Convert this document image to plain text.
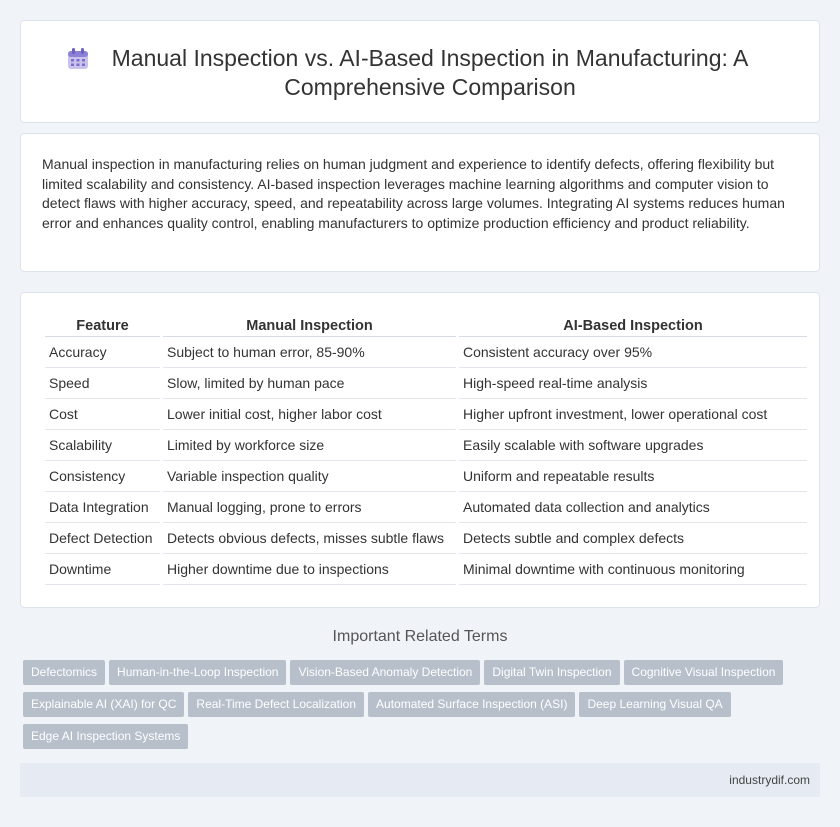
Manual Inspection vs. AI-Based Inspection in Manufacturing: A Comprehensive Comparison

Manual inspection in manufacturing relies on human judgment and experience to identify defects, offering flexibility but limited scalability and consistency. AI-based inspection leverages machine learning algorithms and computer vision to detect flaws with higher accuracy, speed, and repeatability across large volumes. Integrating AI systems reduces human error and enhances quality control, enabling manufacturers to optimize production efficiency and product reliability.

Feature	Manual Inspection	AI-Based Inspection
Accuracy	Subject to human error, 85-90%	Consistent accuracy over 95%
Speed	Slow, limited by human pace	High-speed real-time analysis
Cost	Lower initial cost, higher labor cost	Higher upfront investment, lower operational cost
Scalability	Limited by workforce size	Easily scalable with software upgrades
Consistency	Variable inspection quality	Uniform and repeatable results
Data Integration	Manual logging, prone to errors	Automated data collection and analytics
Defect Detection	Detects obvious defects, misses subtle flaws	Detects subtle and complex defects
Downtime	Higher downtime due to inspections	Minimal downtime with continuous monitoring
Important Related Terms
Defectomics Human-in-the-Loop Inspection Vision-Based Anomaly Detection Digital Twin Inspection Cognitive Visual InspectionExplainable AI (XAI) for QC Real-Time Defect Localization Automated Surface Inspection (ASI) Deep Learning Visual QAEdge AI Inspection Systems
industrydif.com
